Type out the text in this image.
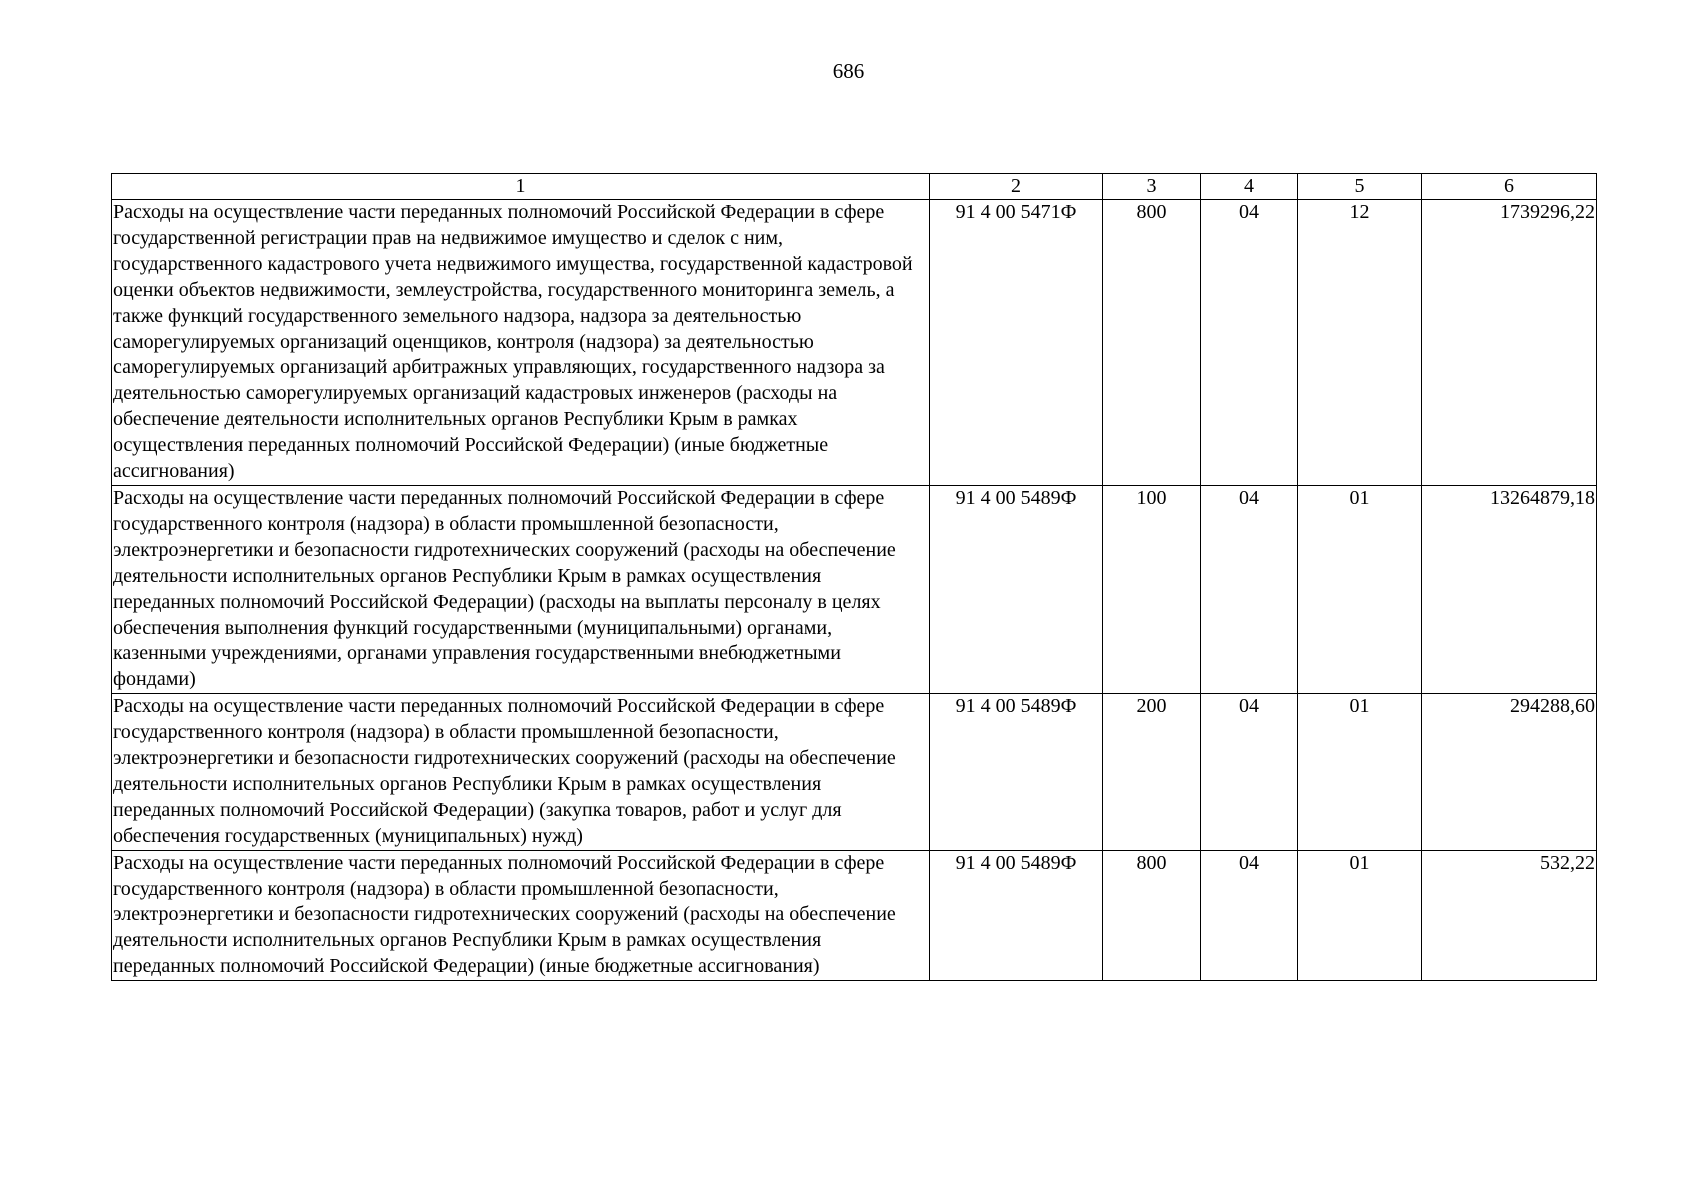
686
1	2	3	4	5	6
Расходы на осуществление части переданных полномочий Российской Федерации в сфере государственной регистрации прав на недвижимое имущество и сделок с ним, государственного кадастрового учета недвижимого имущества, государственной кадастровой оценки объектов недвижимости, землеустройства, государственного мониторинга земель, а также функций государственного земельного надзора, надзора за деятельностью саморегулируемых организаций оценщиков, контроля (надзора) за деятельностью саморегулируемых организаций арбитражных управляющих, государственного надзора за деятельностью саморегулируемых организаций кадастровых инженеров (расходы на обеспечение деятельности исполнительных органов Республики Крым в рамках осуществления переданных полномочий Российской Федерации) (иные бюджетные ассигнования)	91 4 00 5471Ф	800	04	12	1739296,22
Расходы на осуществление части переданных полномочий Российской Федерации в сфере государственного контроля (надзора) в области промышленной безопасности, электроэнергетики и безопасности гидротехнических сооружений (расходы на обеспечение деятельности исполнительных органов Республики Крым в рамках осуществления переданных полномочий Российской Федерации) (расходы на выплаты персоналу в целях обеспечения выполнения функций государственными (муниципальными) органами, казенными учреждениями, органами управления государственными внебюджетными фондами)	91 4 00 5489Ф	100	04	01	13264879,18
Расходы на осуществление части переданных полномочий Российской Федерации в сфере государственного контроля (надзора) в области промышленной безопасности, электроэнергетики и безопасности гидротехнических сооружений (расходы на обеспечение деятельности исполнительных органов Республики Крым в рамках осуществления переданных полномочий Российской Федерации) (закупка товаров, работ и услуг для обеспечения государственных (муниципальных) нужд)	91 4 00 5489Ф	200	04	01	294288,60
Расходы на осуществление части переданных полномочий Российской Федерации в сфере государственного контроля (надзора) в области промышленной безопасности, электроэнергетики и безопасности гидротехнических сооружений (расходы на обеспечение деятельности исполнительных органов Республики Крым в рамках осуществления переданных полномочий Российской Федерации) (иные бюджетные ассигнования)	91 4 00 5489Ф	800	04	01	532,22
